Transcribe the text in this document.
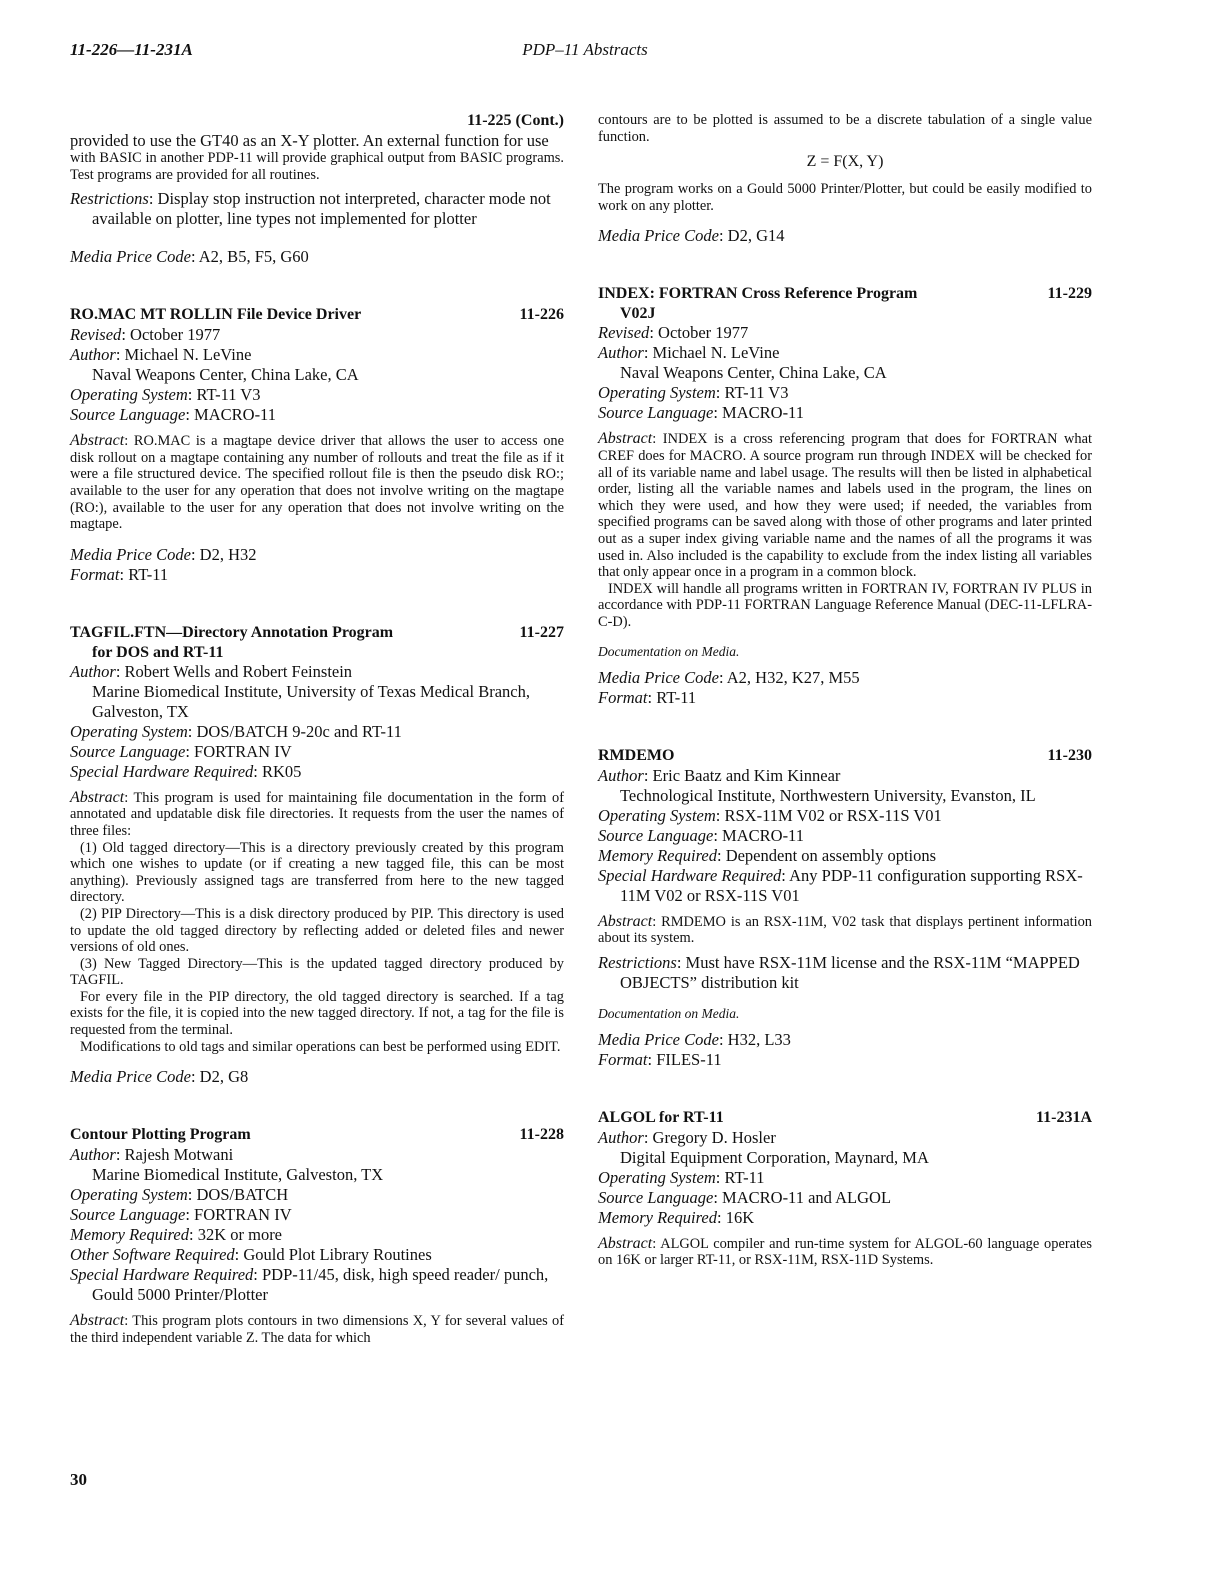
PDP–11 Abstracts
11-226—11-231A
11-225 (Cont.)
provided to use the GT40 as an X-Y plotter. An external function for use
with BASIC in another PDP-11 will provide graphical output from BASIC programs. Test programs are provided for all routines.
Restrictions: Display stop instruction not interpreted, character mode not available on plotter, line types not implemented for plotter
Media Price Code: A2, B5, F5, G60
RO.MAC MT ROLLIN File Device Driver	11-226
Revised: October 1977
Author: Michael N. LeVine
Naval Weapons Center, China Lake, CA
Operating System: RT-11 V3
Source Language: MACRO-11
Abstract: RO.MAC is a magtape device driver that allows the user to access one disk rollout on a magtape containing any number of rollouts and treat the file as if it were a file structured device. The specified rollout file is then the pseudo disk RO:; available to the user for any operation that does not involve writing on the magtape (RO:), available to the user for any operation that does not involve writing on the magtape.
Media Price Code: D2, H32
Format: RT-11
TAGFIL.FTN—Directory Annotation Program	11-227
for DOS and RT-11
Author: Robert Wells and Robert Feinstein
Marine Biomedical Institute, University of Texas Medical Branch, Galveston, TX
Operating System: DOS/BATCH 9-20c and RT-11
Source Language: FORTRAN IV
Special Hardware Required: RK05

Abstract: This program is used for maintaining file documentation in the form of annotated and updatable disk file directories. It requests from the user the names of three files:

(1) Old tagged directory—This is a directory previously created by this program which one wishes to update (or if creating a new tagged file, this can be most anything). Previously assigned tags are transferred from here to the new tagged directory.

(2) PIP Directory—This is a disk directory produced by PIP. This directory is used to update the old tagged directory by reflecting added or deleted files and newer versions of old ones.

(3) New Tagged Directory—This is the updated tagged directory produced by TAGFIL.

For every file in the PIP directory, the old tagged directory is searched. If a tag exists for the file, it is copied into the new tagged directory. If not, a tag for the file is requested from the terminal.

Modifications to old tags and similar operations can best be performed using EDIT.

Media Price Code: D2, G8
Contour Plotting Program	11-228
Author: Rajesh Motwani
Marine Biomedical Institute, Galveston, TX
Operating System: DOS/BATCH
Source Language: FORTRAN IV
Memory Required: 32K or more
Other Software Required: Gould Plot Library Routines
Special Hardware Required: PDP-11/45, disk, high speed reader/ punch, Gould 5000 Printer/Plotter
Abstract: This program plots contours in two dimensions X, Y for several values of the third independent variable Z. The data for which
contours are to be plotted is assumed to be a discrete tabulation of a single value function.
Z = F(X, Y)
The program works on a Gould 5000 Printer/Plotter, but could be easily modified to work on any plotter.
Media Price Code: D2, G14
INDEX: FORTRAN Cross Reference Program	11-229
V02J
Revised: October 1977
Author: Michael N. LeVine
Naval Weapons Center, China Lake, CA
Operating System: RT-11 V3
Source Language: MACRO-11

Abstract: INDEX is a cross referencing program that does for FORTRAN what CREF does for MACRO. A source program run through INDEX will be checked for all of its variable name and label usage. The results will then be listed in alphabetical order, listing all the variable names and labels used in the program, the lines on which they were used, and how they were used; if needed, the variables from specified programs can be saved along with those of other programs and later printed out as a super index giving variable name and the names of all the programs it was used in. Also included is the capability to exclude from the index listing all variables that only appear once in a program in a common block.

INDEX will handle all programs written in FORTRAN IV, FORTRAN IV PLUS in accordance with PDP-11 FORTRAN Language Reference Manual (DEC-11-LFLRA-C-D).

Documentation on Media.
Media Price Code: A2, H32, K27, M55
Format: RT-11
RMDEMO	11-230
Author: Eric Baatz and Kim Kinnear
Technological Institute, Northwestern University, Evanston, IL
Operating System: RSX-11M V02 or RSX-11S V01
Source Language: MACRO-11
Memory Required: Dependent on assembly options
Special Hardware Required: Any PDP-11 configuration supporting RSX-11M V02 or RSX-11S V01
Abstract: RMDEMO is an RSX-11M, V02 task that displays pertinent information about its system.
Restrictions: Must have RSX-11M license and the RSX-11M “MAPPED OBJECTS” distribution kit
Documentation on Media.
Media Price Code: H32, L33
Format: FILES-11
ALGOL for RT-11	11-231A
Author: Gregory D. Hosler
Digital Equipment Corporation, Maynard, MA
Operating System: RT-11
Source Language: MACRO-11 and ALGOL
Memory Required: 16K
Abstract: ALGOL compiler and run-time system for ALGOL-60 language operates on 16K or larger RT-11, or RSX-11M, RSX-11D Systems.
30
